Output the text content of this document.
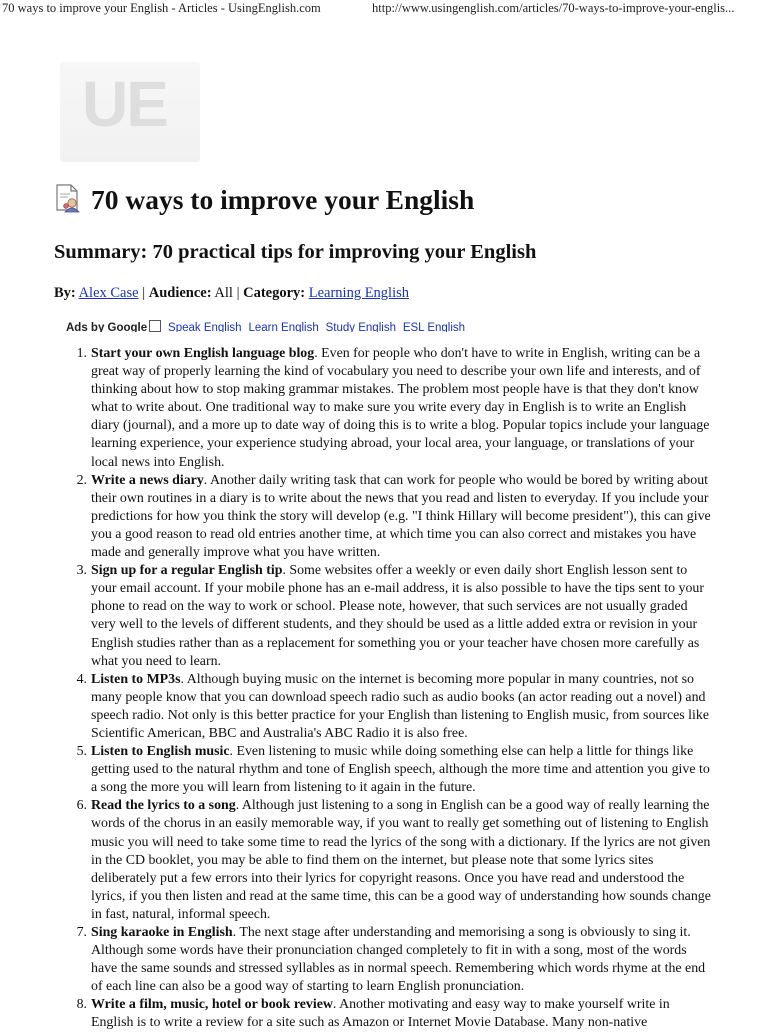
70 ways to improve your English - Articles - UsingEnglish.com	http://www.usingenglish.com/articles/70-ways-to-improve-your-englis...
UE
70 ways to improve your English
Summary: 70 practical tips for improving your English
By: Alex Case | Audience: All | Category: Learning English
Ads by Google Speak English Learn English Study English ESL English
Start your own English language blog. Even for people who don't have to write in English, writing can be a great way of properly learning the kind of vocabulary you need to describe your own life and interests, and of thinking about how to stop making grammar mistakes. The problem most people have is that they don't know what to write about. One traditional way to make sure you write every day in English is to write an English diary (journal), and a more up to date way of doing this is to write a blog. Popular topics include your language learning experience, your experience studying abroad, your local area, your language, or translations of your local news into English.
Write a news diary. Another daily writing task that can work for people who would be bored by writing about their own routines in a diary is to write about the news that you read and listen to everyday. If you include your predictions for how you think the story will develop (e.g. "I think Hillary will become president"), this can give you a good reason to read old entries another time, at which time you can also correct and mistakes you have made and generally improve what you have written.
Sign up for a regular English tip. Some websites offer a weekly or even daily short English lesson sent to your email account. If your mobile phone has an e-mail address, it is also possible to have the tips sent to your phone to read on the way to work or school. Please note, however, that such services are not usually graded very well to the levels of different students, and they should be used as a little added extra or revision in your English studies rather than as a replacement for something you or your teacher have chosen more carefully as what you need to learn.
Listen to MP3s. Although buying music on the internet is becoming more popular in many countries, not so many people know that you can download speech radio such as audio books (an actor reading out a novel) and speech radio. Not only is this better practice for your English than listening to English music, from sources like Scientific American, BBC and Australia's ABC Radio it is also free.
Listen to English music. Even listening to music while doing something else can help a little for things like getting used to the natural rhythm and tone of English speech, although the more time and attention you give to a song the more you will learn from listening to it again in the future.
Read the lyrics to a song. Although just listening to a song in English can be a good way of really learning the words of the chorus in an easily memorable way, if you want to really get something out of listening to English music you will need to take some time to read the lyrics of the song with a dictionary. If the lyrics are not given in the CD booklet, you may be able to find them on the internet, but please note that some lyrics sites deliberately put a few errors into their lyrics for copyright reasons. Once you have read and understood the lyrics, if you then listen and read at the same time, this can be a good way of understanding how sounds change in fast, natural, informal speech.
Sing karaoke in English. The next stage after understanding and memorising a song is obviously to sing it. Although some words have their pronunciation changed completely to fit in with a song, most of the words have the same sounds and stressed syllables as in normal speech. Remembering which words rhyme at the end of each line can also be a good way of starting to learn English pronunciation.
Write a film, music, hotel or book review. Another motivating and easy way to make yourself write in English is to write a review for a site such as Amazon or Internet Movie Database. Many non-native
